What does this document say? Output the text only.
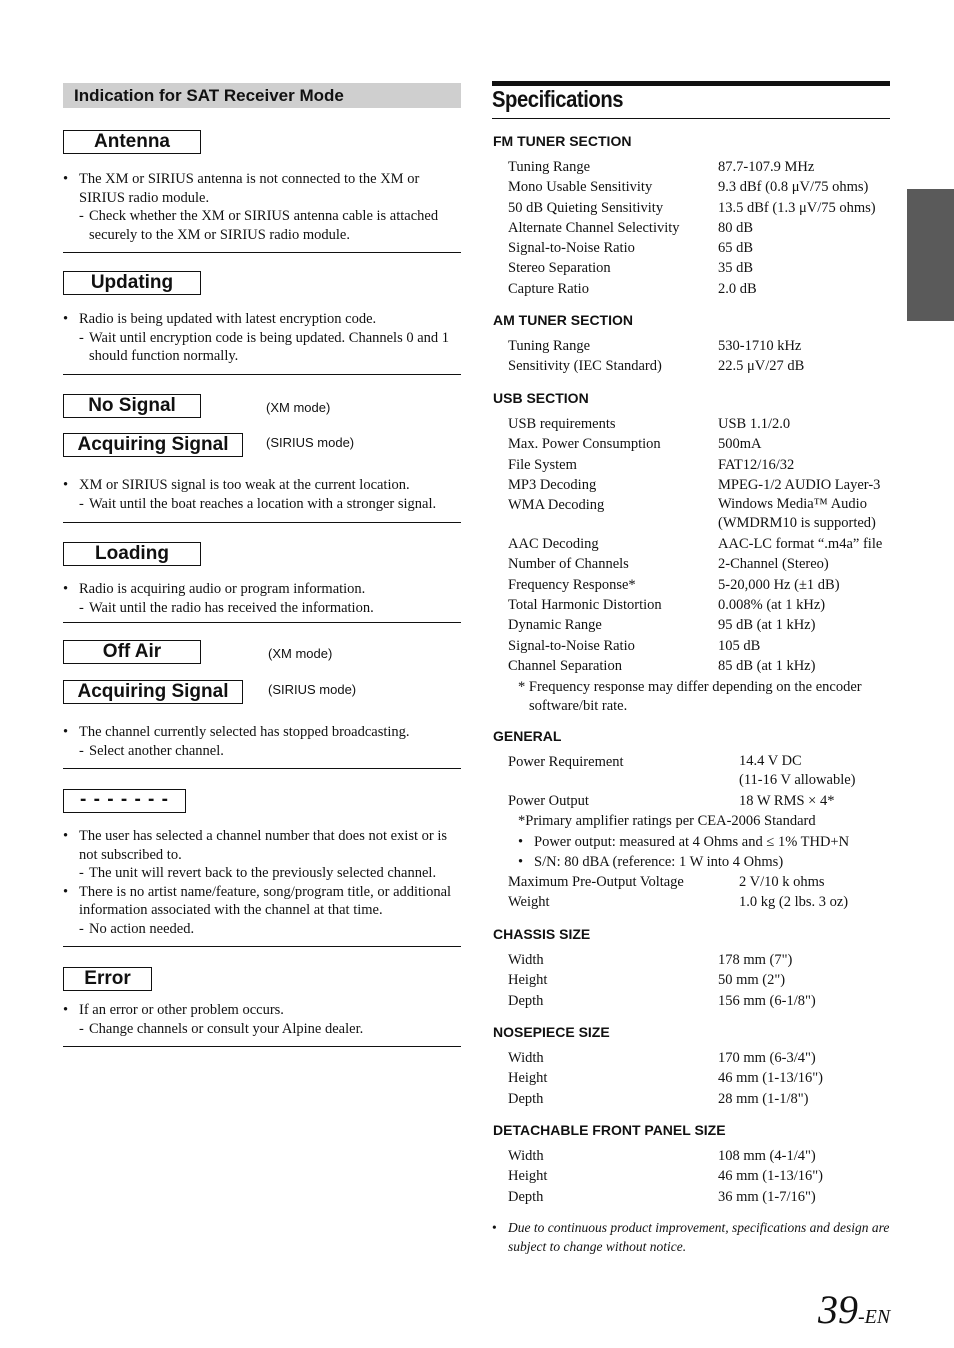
Indication for SAT Receiver Mode
Antenna
• The XM or SIRIUS antenna is not connected to the XM or SIRIUS radio module.
- Check whether the XM or SIRIUS antenna cable is attached securely to the XM or SIRIUS radio module.
Updating
• Radio is being updated with latest encryption code.
- Wait until encryption code is being updated. Channels 0 and 1 should function normally.
No Signal	(XM mode)
Acquiring Signal	(SIRIUS mode)
• XM or SIRIUS signal is too weak at the current location.
- Wait until the boat reaches a location with a stronger signal.
Loading
• Radio is acquiring audio or program information.
- Wait until the radio has received the information.
Off Air	(XM mode)
Acquiring Signal	(SIRIUS mode)
• The channel currently selected has stopped broadcasting.
- Select another channel.
- - - - - - -
• The user has selected a channel number that does not exist or is not subscribed to.
- The unit will revert back to the previously selected channel.
• There is no artist name/feature, song/program title, or additional information associated with the channel at that time.
- No action needed.
Error
• If an error or other problem occurs.
- Change channels or consult your Alpine dealer.
Specifications
FM TUNER SECTION
Tuning Range	87.7-107.9 MHz
Mono Usable Sensitivity	9.3 dBf (0.8 μV/75 ohms)
50 dB Quieting Sensitivity	13.5 dBf (1.3 μV/75 ohms)
Alternate Channel Selectivity	80 dB
Signal-to-Noise Ratio	65 dB
Stereo Separation	35 dB
Capture Ratio	2.0 dB
AM TUNER SECTION
Tuning Range	530-1710 kHz
Sensitivity (IEC Standard)	22.5 μV/27 dB
USB SECTION
USB requirements	USB 1.1/2.0
Max. Power Consumption	500mA
File System	FAT12/16/32
MP3 Decoding	MPEG-1/2 AUDIO Layer-3
WMA Decoding	Windows Media™ Audio
(WMDRM10 is supported)
AAC Decoding	AAC-LC format “.m4a” file
Number of Channels	2-Channel (Stereo)
Frequency Response*	5-20,000 Hz (±1 dB)
Total Harmonic Distortion	0.008% (at 1 kHz)
Dynamic Range	95 dB (at 1 kHz)
Signal-to-Noise Ratio	105 dB
Channel Separation	85 dB (at 1 kHz)
* Frequency response may differ depending on the encoder software/bit rate.
GENERAL
Power Requirement	14.4 V DC
(11-16 V allowable)
Power Output	18 W RMS × 4*
*Primary amplifier ratings per CEA-2006 Standard
• Power output: measured at 4 Ohms and ≤ 1% THD+N
• S/N: 80 dBA (reference: 1 W into 4 Ohms)
Maximum Pre-Output Voltage	2 V/10 k ohms
Weight	1.0 kg (2 lbs. 3 oz)
CHASSIS SIZE
Width	178 mm (7")
Height	50 mm (2")
Depth	156 mm (6-1/8")
NOSEPIECE SIZE
Width	170 mm (6-3/4")
Height	46 mm (1-13/16")
Depth	28 mm (1-1/8")
DETACHABLE FRONT PANEL SIZE
Width	108 mm (4-1/4")
Height	46 mm (1-13/16")
Depth	36 mm (1-7/16")
• Due to continuous product improvement, specifications and design are subject to change without notice.
39-EN
